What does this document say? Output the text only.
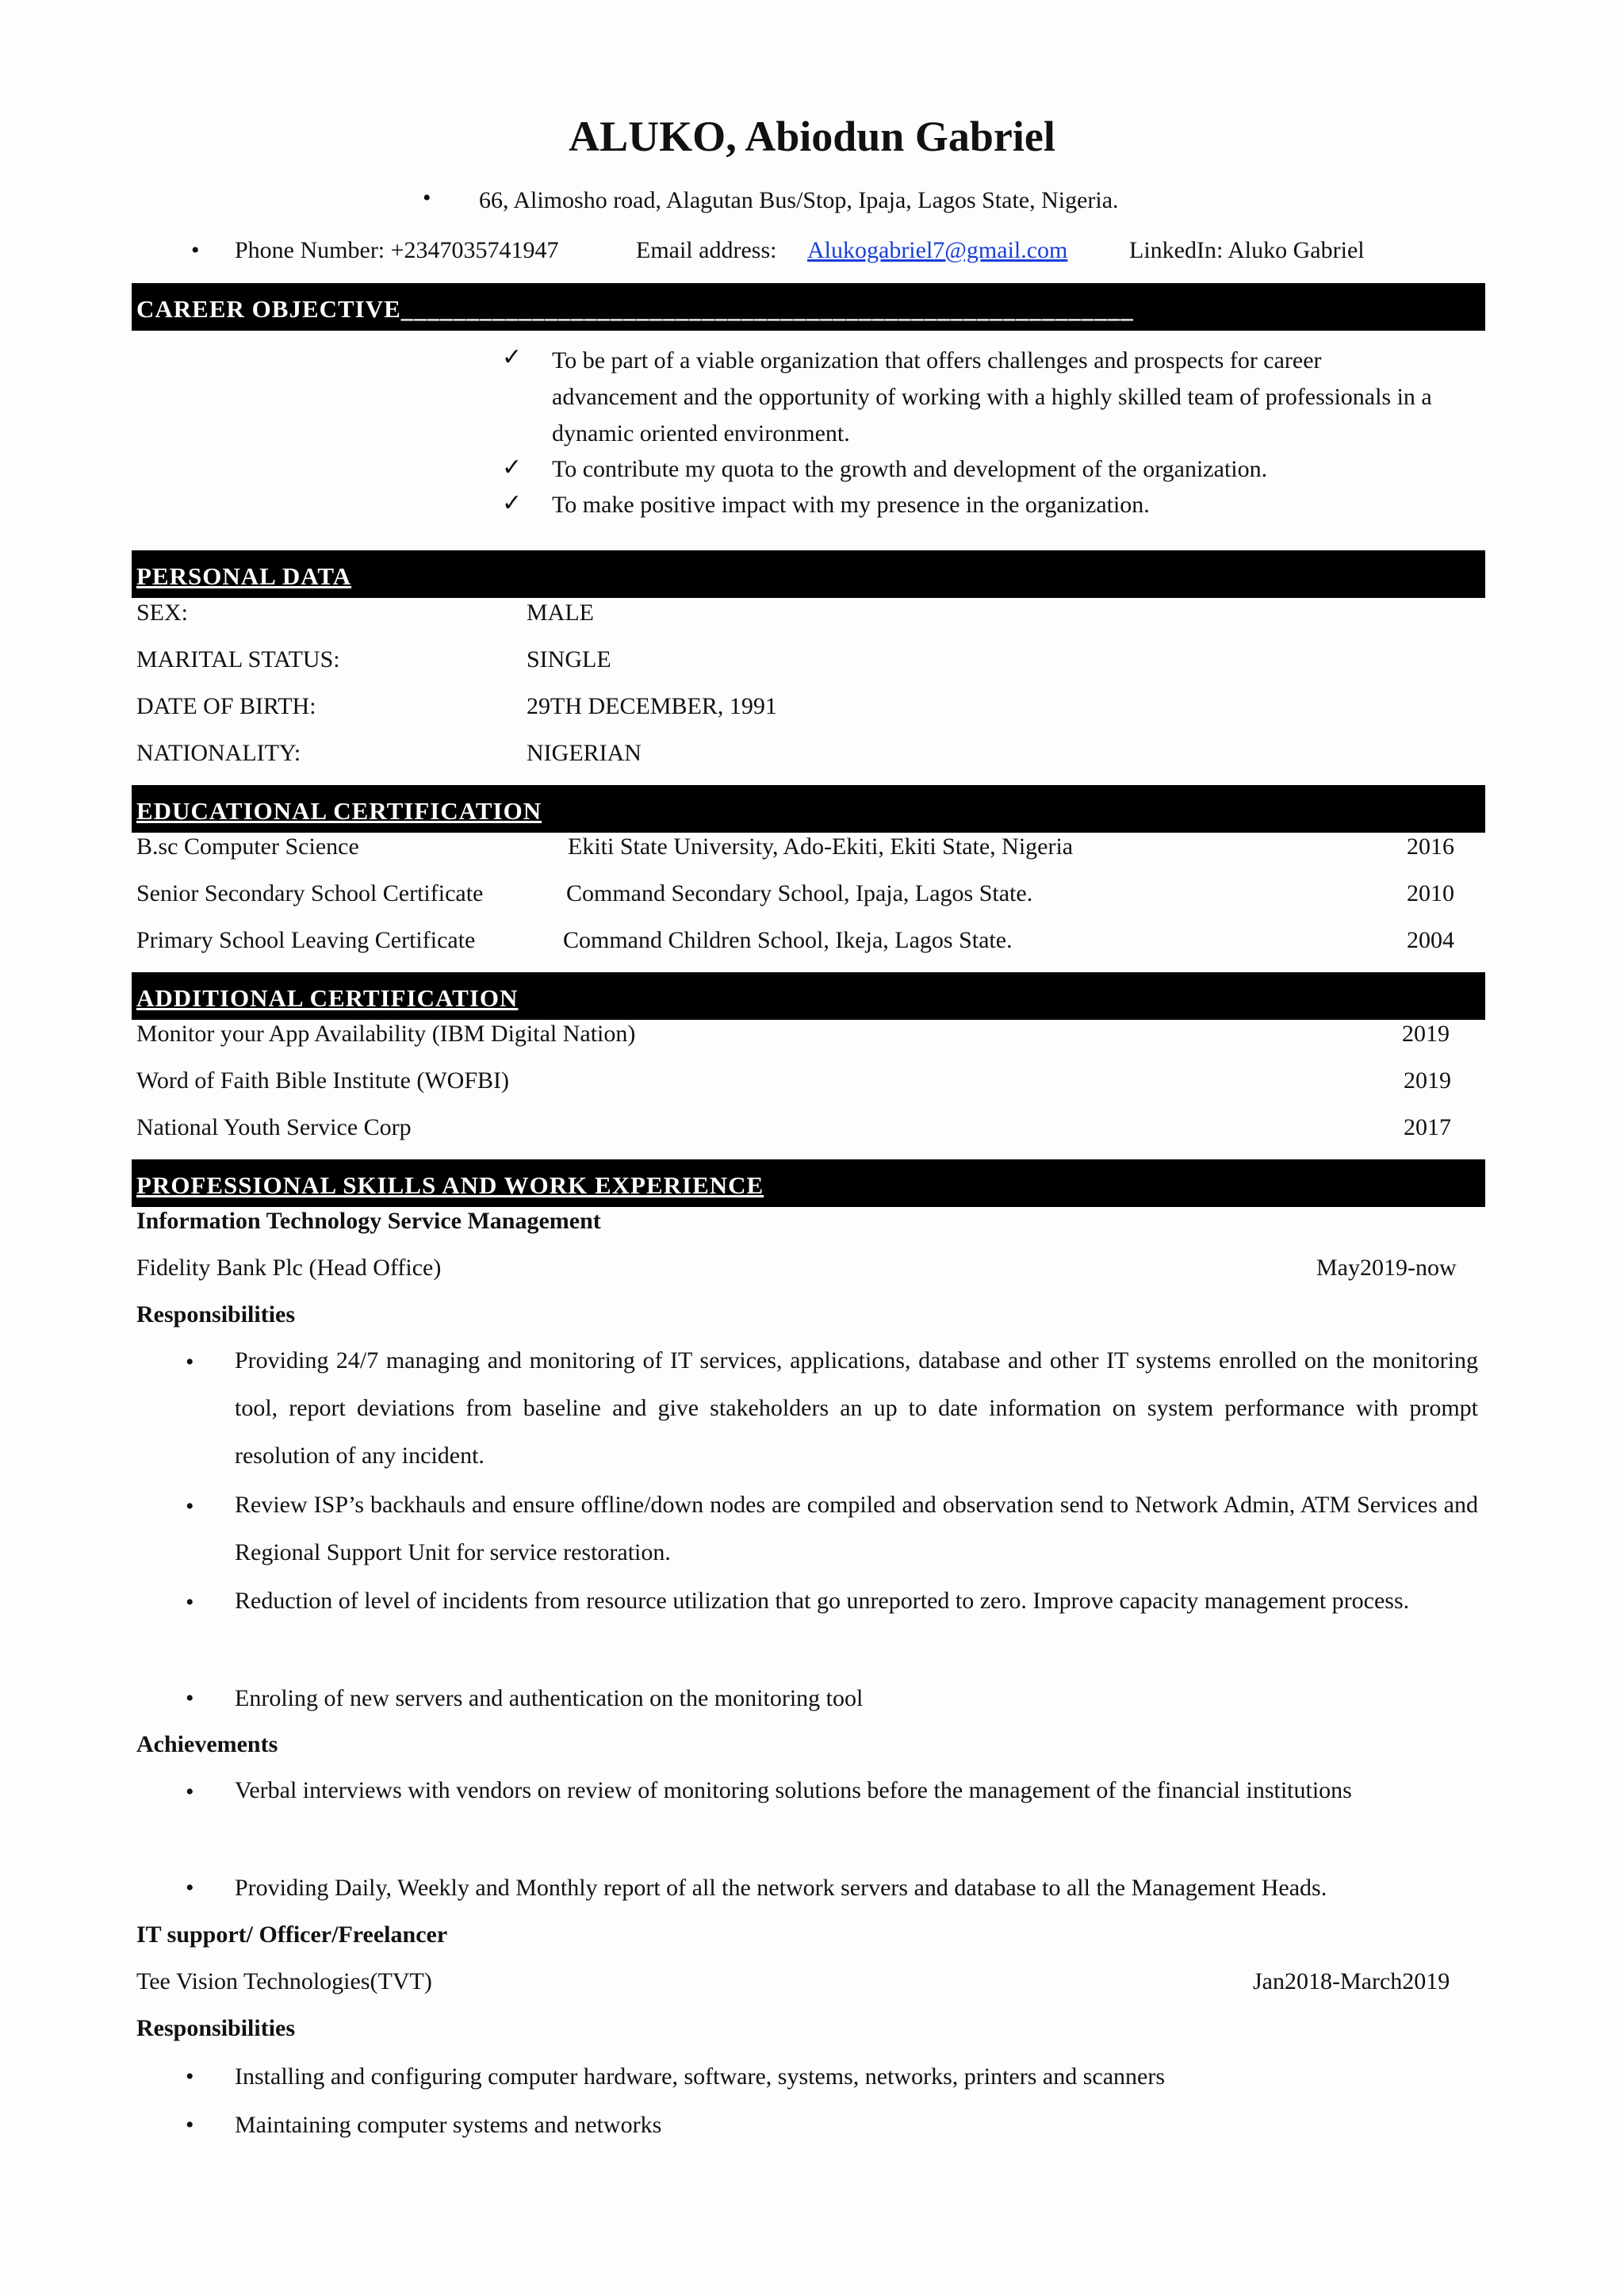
ALUKO, Abiodun Gabriel
• 66, Alimosho road, Alagutan Bus/Stop, Ipaja, Lagos State, Nigeria.
• Phone Number: +2347035741947	Email address: Alukogabriel7@gmail.com	LinkedIn: Aluko Gabriel
CAREER OBJECTIVE________________________________________________________
✓ To be part of a viable organization that offers challenges and prospects for career advancement and the opportunity of working with a highly skilled team of professionals in a dynamic oriented environment.
✓ To contribute my quota to the growth and development of the organization.
✓ To make positive impact with my presence in the organization.
PERSONAL DATA
SEX:	MALE
MARITAL STATUS:	SINGLE
DATE OF BIRTH:	29TH DECEMBER, 1991
NATIONALITY:	NIGERIAN
EDUCATIONAL CERTIFICATION
B.sc Computer Science	Ekiti State University, Ado-Ekiti, Ekiti State, Nigeria	2016
Senior Secondary School Certificate	Command Secondary School, Ipaja, Lagos State.	2010
Primary School Leaving Certificate	Command Children School, Ikeja, Lagos State.	2004
ADDITIONAL CERTIFICATION
Monitor your App Availability (IBM Digital Nation)	2019
Word of Faith Bible Institute (WOFBI)	2019
National Youth Service Corp	2017
PROFESSIONAL SKILLS AND WORK EXPERIENCE
Information Technology Service Management
Fidelity Bank Plc (Head Office)	May2019-now
Responsibilities
• Providing 24/7 managing and monitoring of IT services, applications, database and other IT systems enrolled on the monitoring tool, report deviations from baseline and give stakeholders an up to date information on system performance with prompt resolution of any incident.
• Review ISP’s backhauls and ensure offline/down nodes are compiled and observation send to Network Admin, ATM Services and Regional Support Unit for service restoration.
• Reduction of level of incidents from resource utilization that go unreported to zero. Improve capacity management process.
• Enroling of new servers and authentication on the monitoring tool
Achievements
• Verbal interviews with vendors on review of monitoring solutions before the management of the financial institutions
• Providing Daily, Weekly and Monthly report of all the network servers and database to all the Management Heads.
IT support/ Officer/Freelancer
Tee Vision Technologies(TVT)	Jan2018-March2019
Responsibilities
• Installing and configuring computer hardware, software, systems, networks, printers and scanners
• Maintaining computer systems and networks
